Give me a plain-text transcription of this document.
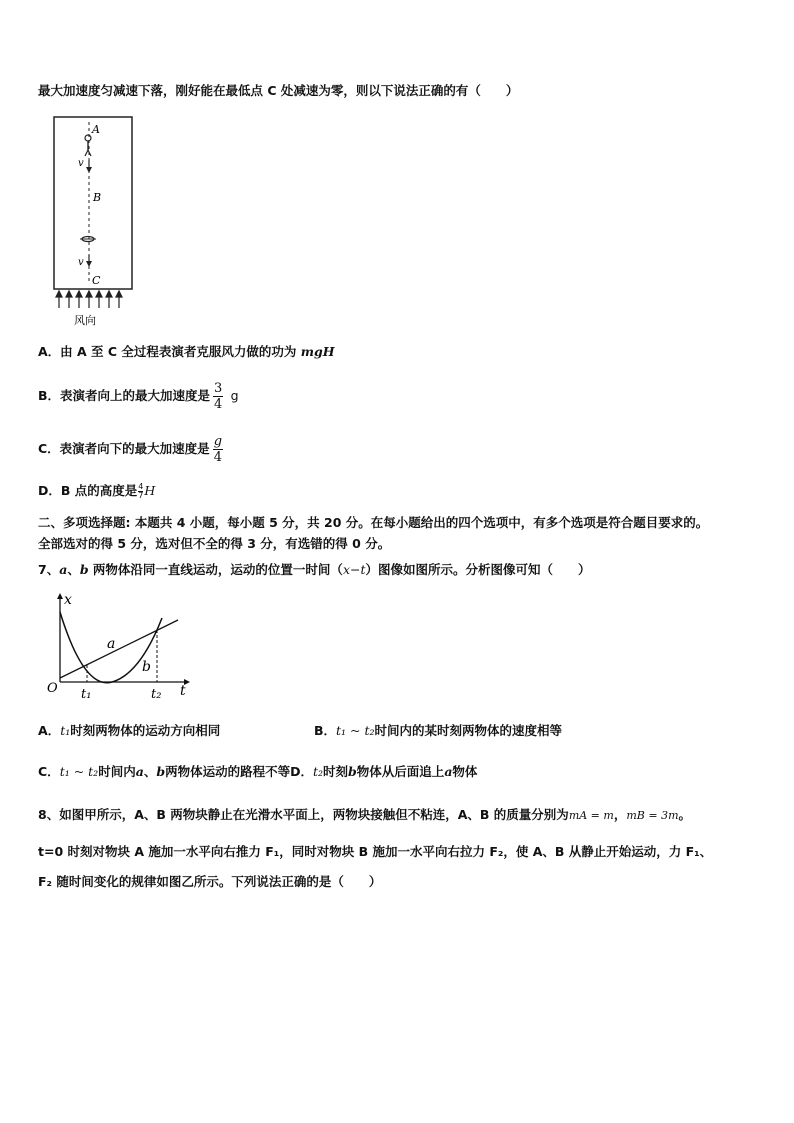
最大加速度匀减速下落，刚好能在最低点 C 处减速为零，则以下说法正确的有（　　）
A
B
C
v
v
风向
A．由 A 至 C 全过程表演者克服风力做的功为 mgH
B．表演者向上的最大加速度是 $\frac{3}{4}$ g
C．表演者向下的最大加速度是 $\frac{g}{4}$
D．B 点的高度是 $\frac{4}{7}$ H
二、多项选择题: 本题共 4 小题，每小题 5 分，共 20 分。在每小题给出的四个选项中，有多个选项是符合题目要求的。
全部选对的得 5 分，选对但不全的得 3 分，有选错的得 0 分。
7、a、b 两物体沿同一直线运动，运动的位置一时间（x−t）图像如图所示。分析图像可知（　　）
x
t
O t₁	t₂
a
b
A．t₁时刻两物体的运动方向相同	B．t₁ ~ t₂时间内的某时刻两物体的速度相等
C．t₁ ~ t₂时间内a、b两物体运动的路程不等D．t₂时刻b物体从后面追上a物体
8、如图甲所示，A、B 两物块静止在光滑水平面上，两物块接触但不粘连，A、B 的质量分别为mA = m，mB = 3m。
t=0 时刻对物块 A 施加一水平向右推力 F₁，同时对物块 B 施加一水平向右拉力 F₂，使 A、B 从静止开始运动，力 F₁、
F₂ 随时间变化的规律如图乙所示。下列说法正确的是（　　）
